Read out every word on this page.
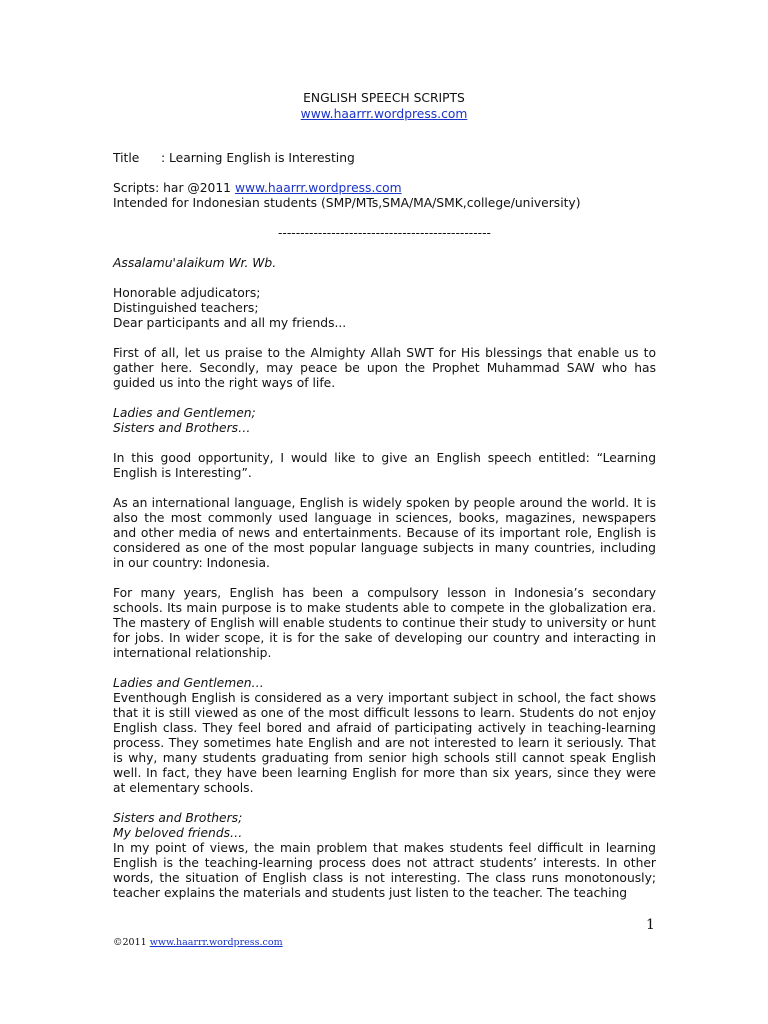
ENGLISH SPEECH SCRIPTS
www.haarrr.wordpress.com

Title : Learning English is Interesting

Scripts: har @2011 www.haarrr.wordpress.com

Intended for Indonesian students (SMP/MTs,SMA/MA/SMK,college/university)

------------------------------------------------

Assalamu'alaikum Wr. Wb.

Honorable adjudicators;
Distinguished teachers;
Dear participants and all my friends...

First of all, let us praise to the Almighty Allah SWT for His blessings that enable us to gather here. Secondly, may peace be upon the Prophet Muhammad SAW who has guided us into the right ways of life.

Ladies and Gentlemen;
Sisters and Brothers…

In this good opportunity, I would like to give an English speech entitled: “Learning English is Interesting”.

As an international language, English is widely spoken by people around the world. It is also the most commonly used language in sciences, books, magazines, newspapers and other media of news and entertainments. Because of its important role, English is considered as one of the most popular language subjects in many countries, including in our country: Indonesia.

For many years, English has been a compulsory lesson in Indonesia’s secondary schools. Its main purpose is to make students able to compete in the globalization era. The mastery of English will enable students to continue their study to university or hunt for jobs. In wider scope, it is for the sake of developing our country and interacting in international relationship.

Ladies and Gentlemen…

Eventhough English is considered as a very important subject in school, the fact shows that it is still viewed as one of the most difficult lessons to learn. Students do not enjoy English class. They feel bored and afraid of participating actively in teaching-learning process. They sometimes hate English and are not interested to learn it seriously. That is why, many students graduating from senior high schools still cannot speak English well. In fact, they have been learning English for more than six years, since they were at elementary schools.

Sisters and Brothers;
My beloved friends…

In my point of views, the main problem that makes students feel difficult in learning English is the teaching-learning process does not attract students’ interests. In other words, the situation of English class is not interesting. The class runs monotonously; teacher explains the materials and students just listen to the teacher. The teaching

1
©2011 www.haarrr.wordpress.com
